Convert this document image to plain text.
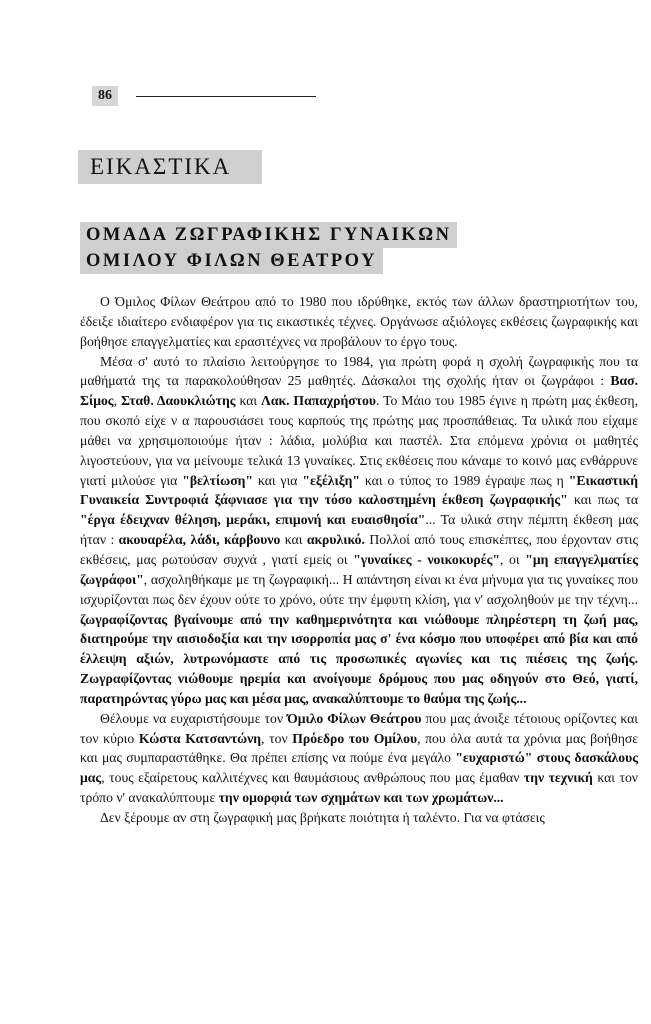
86
ΕΙΚΑΣΤΙΚΑ
ΟΜΑΔΑ ΖΩΓΡΑΦΙΚΗΣ ΓΥΝΑΙΚΩΝ
ΟΜΙΛΟΥ ΦΙΛΩΝ ΘΕΑΤΡΟΥ

Ο Όμιλος Φίλων Θεάτρου από το 1980 που ιδρύθηκε, εκτός των άλλων δραστηριοτήτων του, έδειξε ιδιαίτερο ενδιαφέρον για τις εικαστικές τέχνες. Οργάνωσε αξιόλογες εκθέσεις ζωγραφικής και βοήθησε επαγγελματίες και ερασιτέχνες να προβάλουν το έργο τους.

Μέσα σ' αυτό το πλαίσιο λειτούργησε το 1984, για πρώτη φορά η σχολή ζωγραφικής που τα μαθήματά της τα παρακολούθησαν 25 μαθητές. Δάσκαλοι της σχολής ήταν οι ζωγράφοι : Βασ. Σίμος, Σταθ. Δαουκλιώτης και Λακ. Παπαχρήστου. Το Μάιο του 1985 έγινε η πρώτη μας έκθεση, που σκοπό είχε ν α παρουσιάσει τους καρπούς της πρώτης μας προσπάθειας. Τα υλικά που είχαμε μάθει να χρησιμοποιούμε ήταν : λάδια, μολύβια και παστέλ. Στα επόμενα χρόνια οι μαθητές λιγοστεύουν, για να μείνουμε τελικά 13 γυναίκες. Στις εκθέσεις που κάναμε το κοινό μας ενθάρρυνε γιατί μιλούσε για "βελτίωση" και για "εξέλιξη" και ο τύπος το 1989 έγραψε πως η "Εικαστική Γυναικεία Συντροφιά ξάφνιασε για την τόσο καλοστημένη έκθεση ζωγραφικής" και πως τα "έργα έδειχναν θέληση, μεράκι, επιμονή και ευαισθησία"... Τα υλικά στην πέμπτη έκθεση μας ήταν : ακουαρέλα, λάδι, κάρβουνο και ακρυλικό. Πολλοί από τους επισκέπτες, που έρχονταν στις εκθέσεις, μας ρωτούσαν συχνά , γιατί εμείς οι "γυναίκες - νοικοκυρές", οι "μη επαγγελματίες ζωγράφοι", ασχοληθήκαμε με τη ζωγραφική... Η απάντηση είναι κι ένα μήνυμα για τις γυναίκες που ισχυρίζονται πως δεν έχουν ούτε το χρόνο, ούτε την έμφυτη κλίση, για ν' ασχοληθούν με την τέχνη... ζωγραφίζοντας βγαίνουμε από την καθημερινότητα και νιώθουμε πληρέστερη τη ζωή μας, διατηρούμε την αισιοδοξία και την ισορροπία μας σ' ένα κόσμο που υποφέρει από βία και από έλλειψη αξιών, λυτρωνόμαστε από τις προσωπικές αγωνίες και τις πιέσεις της ζωής. Ζωγραφίζοντας νιώθουμε ηρεμία και ανοίγουμε δρόμους που μας οδηγούν στο Θεό, γιατί, παρατηρώντας γύρω μας και μέσα μας, ανακαλύπτουμε το θαύμα της ζωής...

Θέλουμε να ευχαριστήσουμε τον Όμιλο Φίλων Θεάτρου που μας άνοιξε τέτοιους ορίζοντες και τον κύριο Κώστα Κατσαντώνη, τον Πρόεδρο του Ομίλου, που όλα αυτά τα χρόνια μας βοήθησε και μας συμπαραστάθηκε. Θα πρέπει επίσης να πούμε ένα μεγάλο "ευχαριστώ" στους δασκάλους μας, τους εξαίρετους καλλιτέχνες και θαυμάσιους ανθρώπους που μας έμαθαν την τεχνική και τον τρόπο ν' ανακαλύπτουμε την ομορφιά των σχημάτων και των χρωμάτων...

Δεν ξέρουμε αν στη ζωγραφική μας βρήκατε ποιότητα ή ταλέντο. Για να φτάσεις
